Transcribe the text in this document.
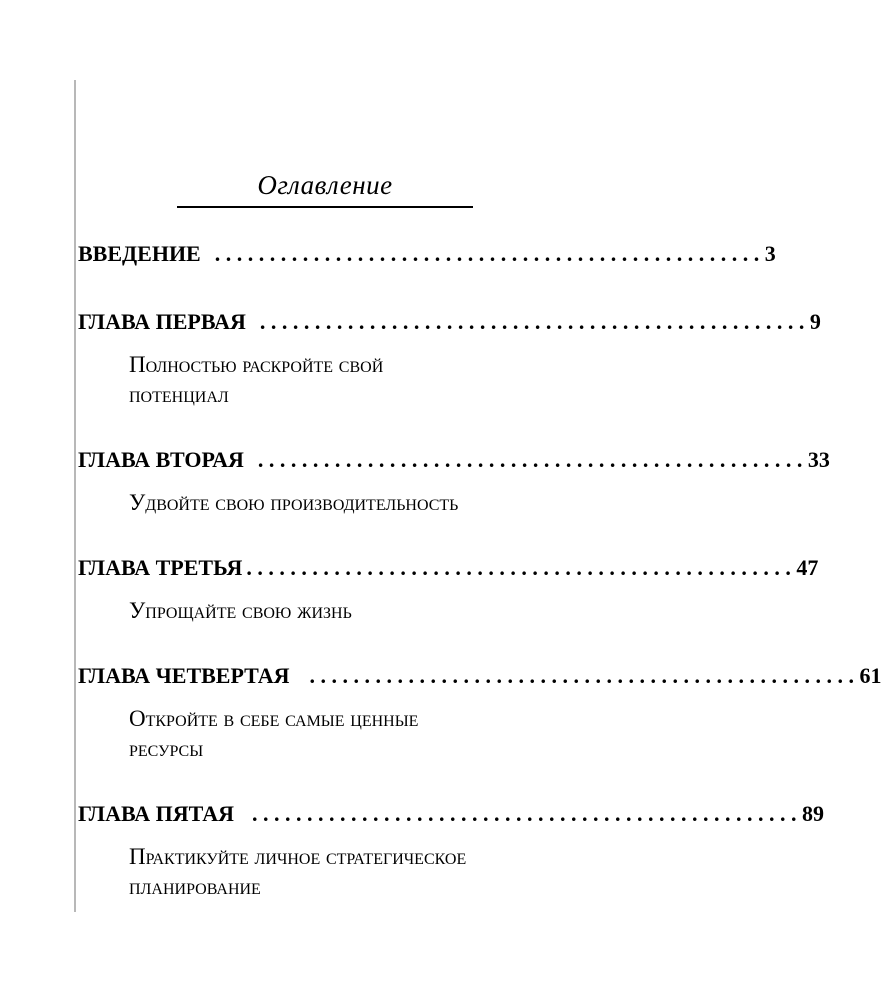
Оглавление
ВВЕДЕНИЕ .................................................. 3
ГЛАВА ПЕРВАЯ .................................................. 9
Полностью раскройте свой
потенциал
ГЛАВА ВТОРАЯ .................................................. 33
Удвойте свою производительность
ГЛАВА ТРЕТЬЯ .................................................. 47
Упрощайте свою жизнь
ГЛАВА ЧЕТВЕРТАЯ .................................................. 61
Откройте в себе самые ценные
ресурсы
ГЛАВА ПЯТАЯ .................................................. 89
Практикуйте личное стратегическое
планирование
